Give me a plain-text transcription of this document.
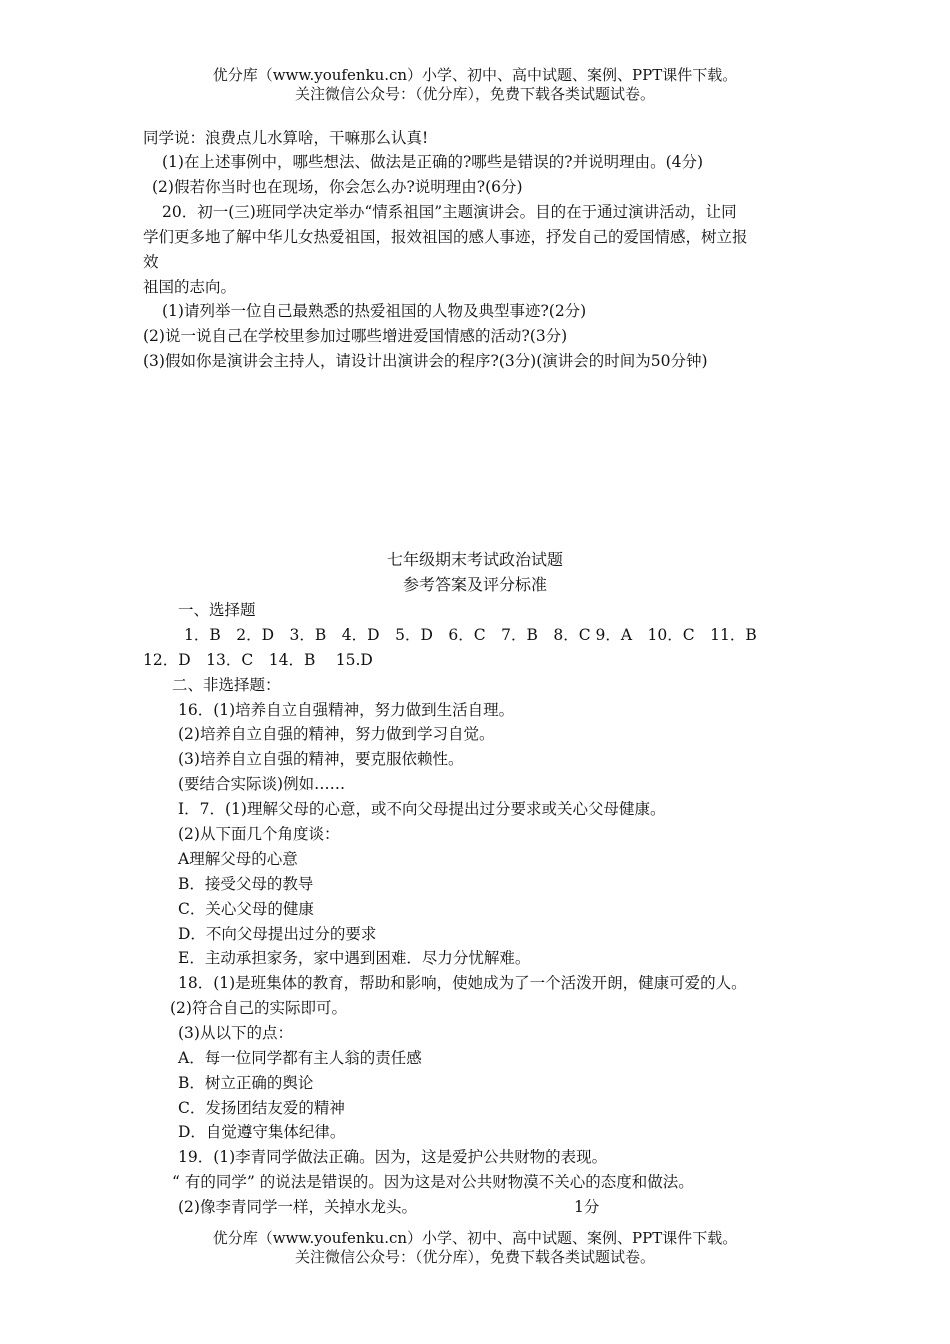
优分库（www.youfenku.cn）小学、初中、高中试题、案例、PPT课件下载。
关注微信公众号：（优分库），免费下载各类试题试卷。
同学说：浪费点儿水算啥，干嘛那么认真!
(1)在上述事例中，哪些想法、做法是正确的?哪些是错误的?并说明理由。(4分)
(2)假若你当时也在现场，你会怎么办?说明理由?(6分)
20．初一(三)班同学决定举办“情系祖国”主题演讲会。目的在于通过演讲活动，让同
学们更多地了解中华儿女热爱祖国，报效祖国的感人事迹，抒发自己的爱国情感，树立报
效
祖国的志向。
(1)请列举一位自己最熟悉的热爱祖国的人物及典型事迹?(2分)
(2)说一说自己在学校里参加过哪些增进爱国情感的活动?(3分)
(3)假如你是演讲会主持人，请设计出演讲会的程序?(3分)(演讲会的时间为50分钟)
七年级期末考试政治试题
参考答案及评分标准
一、选择题
1．B　2．D　3．B　4．D　5．D　6．C　7．B　8．C 9．A　10．C　11．B
12．D　13．C　14．B　 15.D
二、非选择题：
16．(1)培养自立自强精神，努力做到生活自理。
(2)培养自立自强的精神，努力做到学习自觉。
(3)培养自立自强的精神，要克服依赖性。
(要结合实际谈)例如……
I．7．(1)理解父母的心意，或不向父母提出过分要求或关心父母健康。
(2)从下面几个角度谈：
A理解父母的心意
B．接受父母的教导
C．关心父母的健康
D．不向父母提出过分的要求
E．主动承担家务，家中遇到困难．尽力分忧解难。
18．(1)是班集体的教育，帮助和影响，使她成为了一个活泼开朗，健康可爱的人。
(2)符合自己的实际即可。
(3)从以下的点：
A．每一位同学都有主人翁的责任感
B．树立正确的舆论
C．发扬团结友爱的精神
D．自觉遵守集体纪律。
19．(1)李青同学做法正确。因为，这是爱护公共财物的表现。
“ 有的同学” 的说法是错误的。因为这是对公共财物漠不关心的态度和做法。
(2)像李青同学一样，关掉水龙头。	1分
优分库（www.youfenku.cn）小学、初中、高中试题、案例、PPT课件下载。
关注微信公众号：（优分库），免费下载各类试题试卷。
